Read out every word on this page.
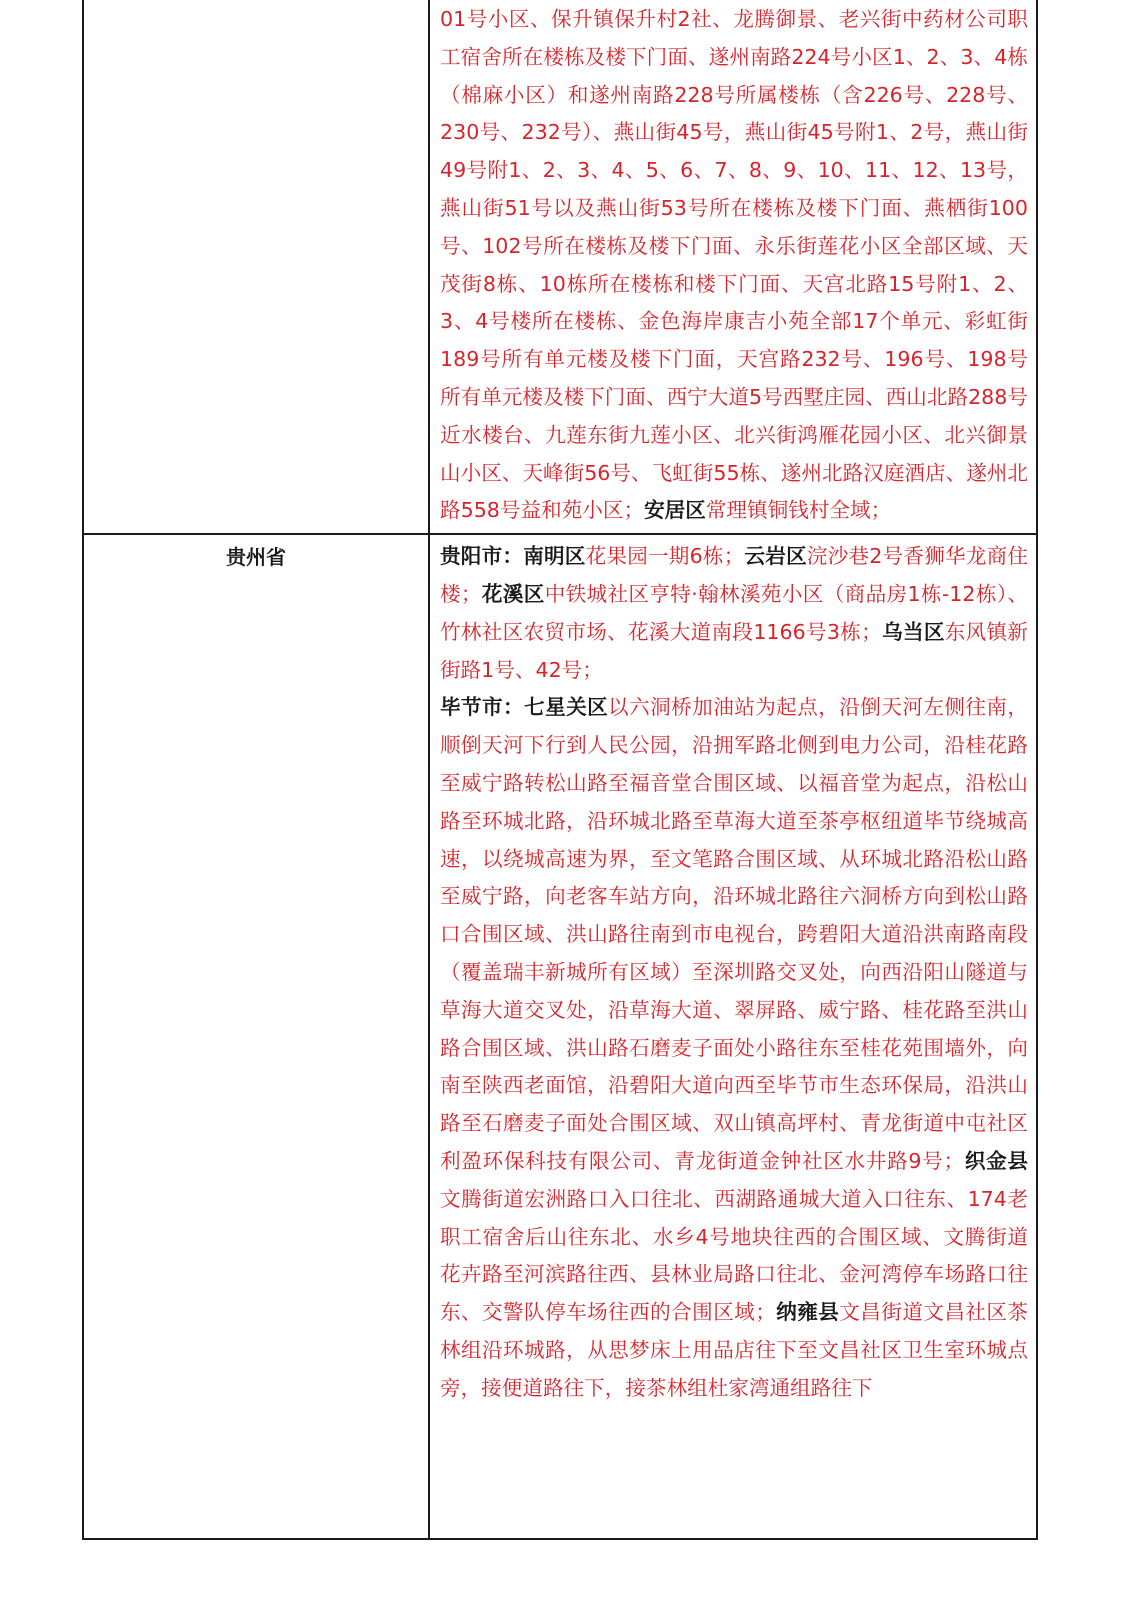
	01号小区、保升镇保升村2社、龙腾御景、老兴街中药材公司职工宿舍所在楼栋及楼下门面、遂州南路224号小区1、2、3、4栋（棉麻小区）和遂州南路228号所属楼栋（含226号、228号、230号、232号）、燕山街45号，燕山街45号附1、2号，燕山街49号附1、2、3、4、5、6、7、8、9、10、11、12、13号，燕山街51号以及燕山街53号所在楼栋及楼下门面、燕栖街100号、102号所在楼栋及楼下门面、永乐街莲花小区全部区域、天茂街8栋、10栋所在楼栋和楼下门面、天宫北路15号附1、2、3、4号楼所在楼栋、金色海岸康吉小苑全部17个单元、彩虹街189号所有单元楼及楼下门面，天宫路232号、196号、198号所有单元楼及楼下门面、西宁大道5号西墅庄园、西山北路288号近水楼台、九莲东街九莲小区、北兴街鸿雁花园小区、北兴御景山小区、天峰街56号、飞虹街55栋、遂州北路汉庭酒店、遂州北路558号益和苑小区；安居区常理镇铜钱村全域；

贵州省	贵阳市：南明区花果园一期6栋；云岩区浣沙巷2号香狮华龙商住楼；花溪区中铁城社区亨特·翰林溪苑小区（商品房1栋-12栋）、竹林社区农贸市场、花溪大道南段1166号3栋；乌当区东风镇新街路1号、42号；
毕节市：七星关区以六洞桥加油站为起点，沿倒天河左侧往南，顺倒天河下行到人民公园，沿拥军路北侧到电力公司，沿桂花路至威宁路转松山路至福音堂合围区域、以福音堂为起点，沿松山路至环城北路，沿环城北路至草海大道至茶亭枢纽道毕节绕城高速，以绕城高速为界，至文笔路合围区域、从环城北路沿松山路至威宁路，向老客车站方向，沿环城北路往六洞桥方向到松山路口合围区域、洪山路往南到市电视台，跨碧阳大道沿洪南路南段（覆盖瑞丰新城所有区域）至深圳路交叉处，向西沿阳山隧道与草海大道交叉处，沿草海大道、翠屏路、威宁路、桂花路至洪山路合围区域、洪山路石磨麦子面处小路往东至桂花苑围墙外，向南至陕西老面馆，沿碧阳大道向西至毕节市生态环保局，沿洪山路至石磨麦子面处合围区域、双山镇高坪村、青龙街道中屯社区利盈环保科技有限公司、青龙街道金钟社区水井路9号；织金县文腾街道宏洲路口入口往北、西湖路通城大道入口往东、174老职工宿舍后山往东北、水乡4号地块往西的合围区域、文腾街道花卉路至河滨路往西、县林业局路口往北、金河湾停车场路口往东、交警队停车场往西的合围区域；纳雍县文昌街道文昌社区茶林组沿环城路，从思梦床上用品店往下至文昌社区卫生室环城点旁，接便道路往下，接茶林组杜家湾通组路往下
